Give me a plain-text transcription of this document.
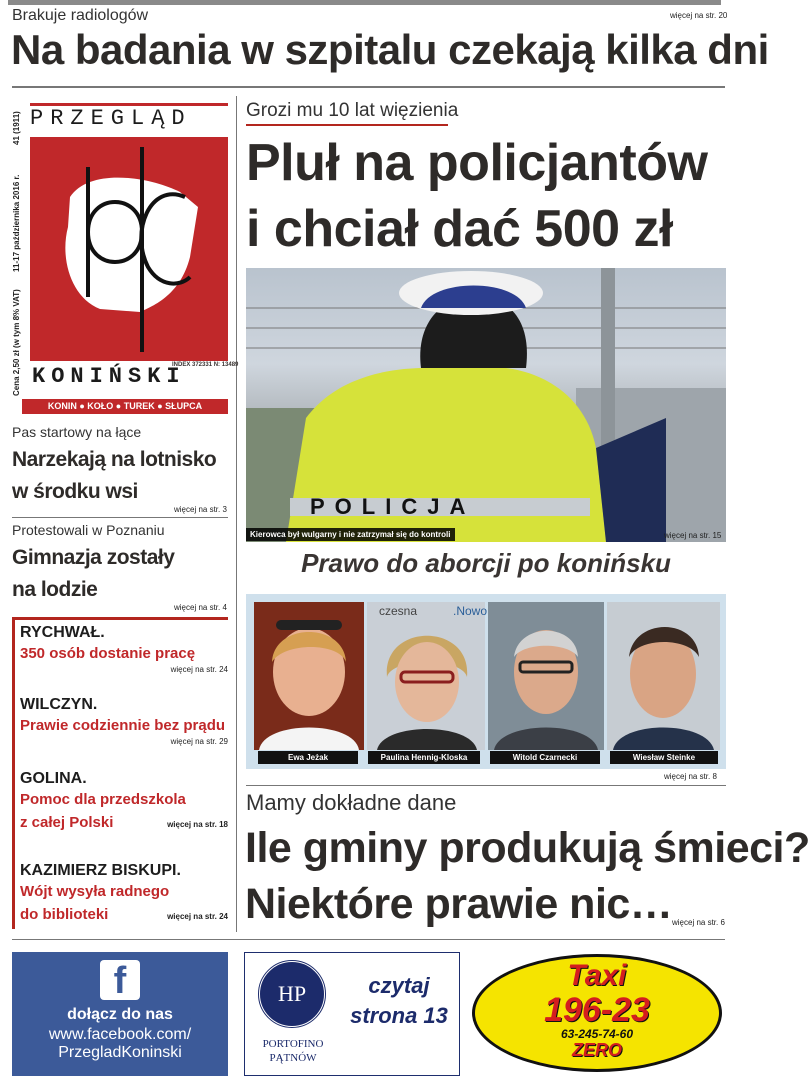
Brakuje radiologów	więcej na str. 20
Na badania w szpitalu czekają kilka dni
PRZEGLĄD
INDEX 372331 N: 13489
KONIŃSKI
KONIN ● KOŁO ● TUREK ● SŁUPCA
41 (1911)
11-17 października 2016 r.
Cena 2,50 zł (w tym 8% VAT)
Pas startowy na łące
Narzekają na lotnisko
w środku wsi
więcej na str. 3
Protestowali w Poznaniu
Gimnazja zostały
na lodzie
więcej na str. 4
RYCHWAŁ.
350 osób dostanie pracę
więcej na str. 24
WILCZYN.
Prawie codziennie bez prądu
więcej na str. 29
GOLINA.
Pomoc dla przedszkola
z całej Polski	więcej na str. 18
KAZIMIERZ BISKUPI.
Wójt wysyła radnego
do biblioteki	więcej na str. 24
Grozi mu 10 lat więzienia
Pluł na policjantów
i chciał dać 500 zł
POLICJA
Kierowca był wulgarny i nie zatrzymał się do kontroli	więcej na str. 15
Prawo do aborcji po konińsku
czesna	.Nowo
Ewa Jeżak	Paulina Hennig-Kloska	Witold Czarnecki	Wiesław Steinke
więcej na str. 8
Mamy dokładne dane
Ile gminy produkują śmieci?
Niektóre prawie nic… więcej na str. 6
f
dołącz do nas
www.facebook.com/
PrzegladKoninski
HP
PORTOFINO
PĄTNÓW
czytaj
strona 13
Taxi
196-23
63-245-74-60
ZERO
